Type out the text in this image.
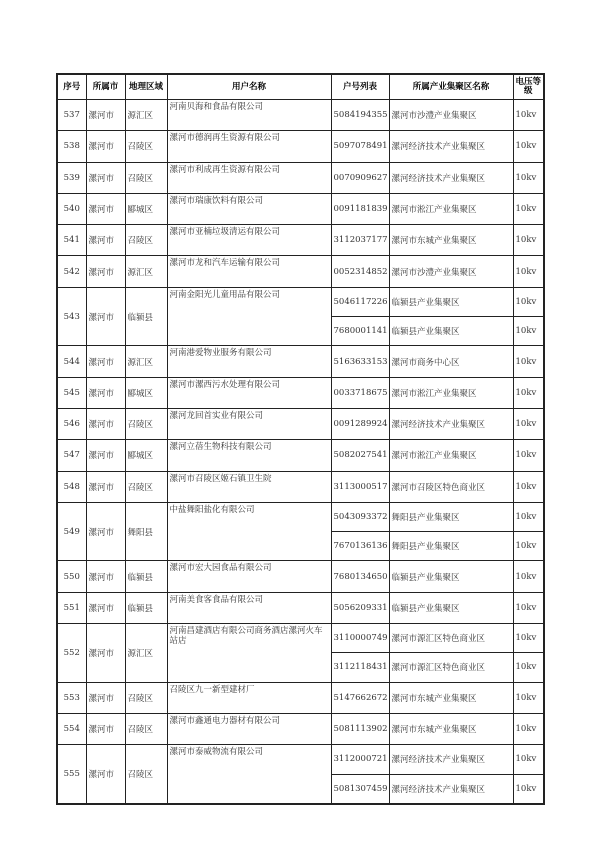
序号	所属市	地理区域	用户名称	户号列表	所属产业集聚区名称	电压等级
537	漯河市	源汇区	河南贝海和食品有限公司	5084194355	漯河市沙澧产业集聚区	10kv
538	漯河市	召陵区	漯河市德润再生资源有限公司	5097078491	漯河经济技术产业集聚区	10kv
539	漯河市	召陵区	漯河市利成再生资源有限公司	0070909627	漯河经济技术产业集聚区	10kv
540	漯河市	郾城区	漯河市瑞康饮料有限公司	0091181839	漯河市淞江产业集聚区	10kv
541	漯河市	召陵区	漯河市亚楠垃圾清运有限公司	3112037177	漯河市东城产业集聚区	10kv
542	漯河市	源汇区	漯河市龙和汽车运输有限公司	0052314852	漯河市沙澧产业集聚区	10kv
543	漯河市	临颍县	河南金阳光儿童用品有限公司	5046117226	临颍县产业集聚区	10kv
				7680001141	临颍县产业集聚区	10kv
544	漯河市	源汇区	河南港爱物业服务有限公司	5163633153	漯河市商务中心区	10kv
545	漯河市	郾城区	漯河市漯西污水处理有限公司	0033718675	漯河市淞江产业集聚区	10kv
546	漯河市	召陵区	漯河龙回首实业有限公司	0091289924	漯河经济技术产业集聚区	10kv
547	漯河市	郾城区	漯河立蓓生物科技有限公司	5082027541	漯河市淞江产业集聚区	10kv
548	漯河市	召陵区	漯河市召陵区姬石镇卫生院	3113000517	漯河市召陵区特色商业区	10kv
549	漯河市	舞阳县	中盐舞阳盐化有限公司	5043093372	舞阳县产业集聚区	10kv
				7670136136	舞阳县产业集聚区	10kv
550	漯河市	临颍县	漯河市宏大园食品有限公司	7680134650	临颍县产业集聚区	10kv
551	漯河市	临颍县	河南美食客食品有限公司	5056209331	临颍县产业集聚区	10kv
552	漯河市	源汇区	河南昌建酒店有限公司商务酒店漯河火车站店	3110000749	漯河市源汇区特色商业区	10kv
				3112118431	漯河市源汇区特色商业区	10kv
553	漯河市	召陵区	召陵区九一新型建材厂	5147662672	漯河市东城产业集聚区	10kv
554	漯河市	召陵区	漯河市鑫通电力器材有限公司	5081113902	漯河市东城产业集聚区	10kv
555	漯河市	召陵区	漯河市泰威物流有限公司	3112000721	漯河经济技术产业集聚区	10kv
				5081307459	漯河经济技术产业集聚区	10kv
